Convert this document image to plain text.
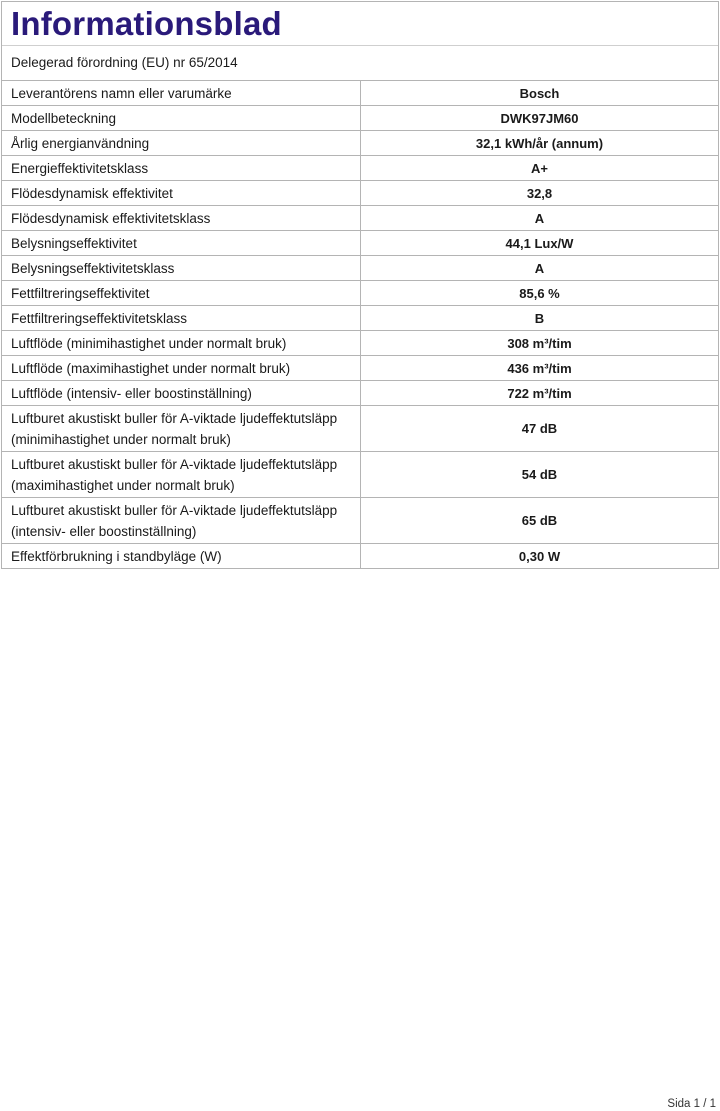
Informationsblad
Delegerad förordning (EU) nr 65/2014
Leverantörens namn eller varumärke	Bosch
Modellbeteckning	DWK97JM60
Årlig energianvändning	32,1 kWh/år (annum)
Energieffektivitetsklass	A+
Flödesdynamisk effektivitet	32,8
Flödesdynamisk effektivitetsklass	A
Belysningseffektivitet	44,1 Lux/W
Belysningseffektivitetsklass	A
Fettfiltreringseffektivitet	85,6 %
Fettfiltreringseffektivitetsklass	B
Luftflöde (minimihastighet under normalt bruk)	308 m³/tim
Luftflöde (maximihastighet under normalt bruk)	436 m³/tim
Luftflöde (intensiv- eller boostinställning)	722 m³/tim

Luftburet akustiskt buller för A-viktade ljudeffektutsläpp
(minimihastighet under normalt bruk)	47 dB

Luftburet akustiskt buller för A-viktade ljudeffektutsläpp
(maximihastighet under normalt bruk)	54 dB

Luftburet akustiskt buller för A-viktade ljudeffektutsläpp
(intensiv- eller boostinställning)	65 dB
Effektförbrukning i standbyläge (W)	0,30 W
Sida 1 / 1
